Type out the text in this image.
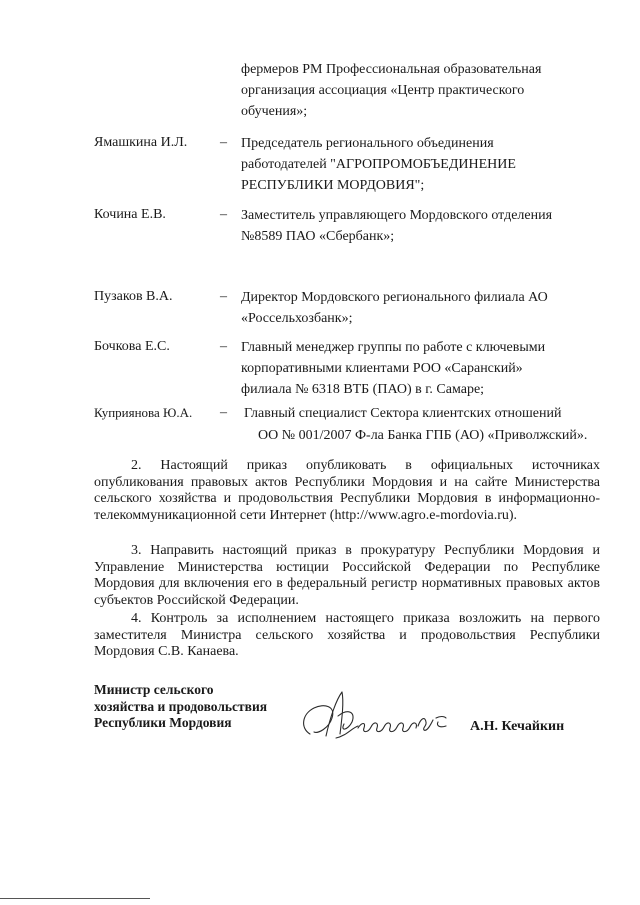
фермеров РМ Профессиональная образовательная
организация ассоциация «Центр практического
обучения»;
Ямашкина И.Л. – Председатель регионального объединения
работодателей "АГРОПРОМОБЪЕДИНЕНИЕ
РЕСПУБЛИКИ МОРДОВИЯ";
Кочина Е.В.	– Заместитель управляющего Мордовского отделения
№8589 ПАО «Сбербанк»;
Пузаков В.А.	– Директор Мордовского регионального филиала АО
«Россельхозбанк»;
Бочкова Е.С.	– Главный менеджер группы по работе с ключевыми
корпоративными клиентами РОО «Саранский»
филиала № 6318 ВТБ (ПАО) в г. Самаре;
Куприянова Ю.А. – Главный специалист Сектора клиентских отношений
ОО № 001/2007 Ф-ла Банка ГПБ (АО) «Приволжский».
2. Настоящий приказ опубликовать в официальных источниках опубликования правовых актов Республики Мордовия и на сайте Министерства сельского хозяйства и продовольствия Республики Мордовия в информационно-телекоммуникационной сети Интернет (http://www.agro.e-mordovia.ru).
3. Направить настоящий приказ в прокуратуру Республики Мордовия и Управление Министерства юстиции Российской Федерации по Республике Мордовия для включения его в федеральный регистр нормативных правовых актов субъектов Российской Федерации.
4. Контроль за исполнением настоящего приказа возложить на первого заместителя Министра сельского хозяйства и продовольствия Республики Мордовия С.В. Канаева.
Министр сельского
хозяйства и продовольствия
Республики Мордовия	А.Н. Кечайкин
